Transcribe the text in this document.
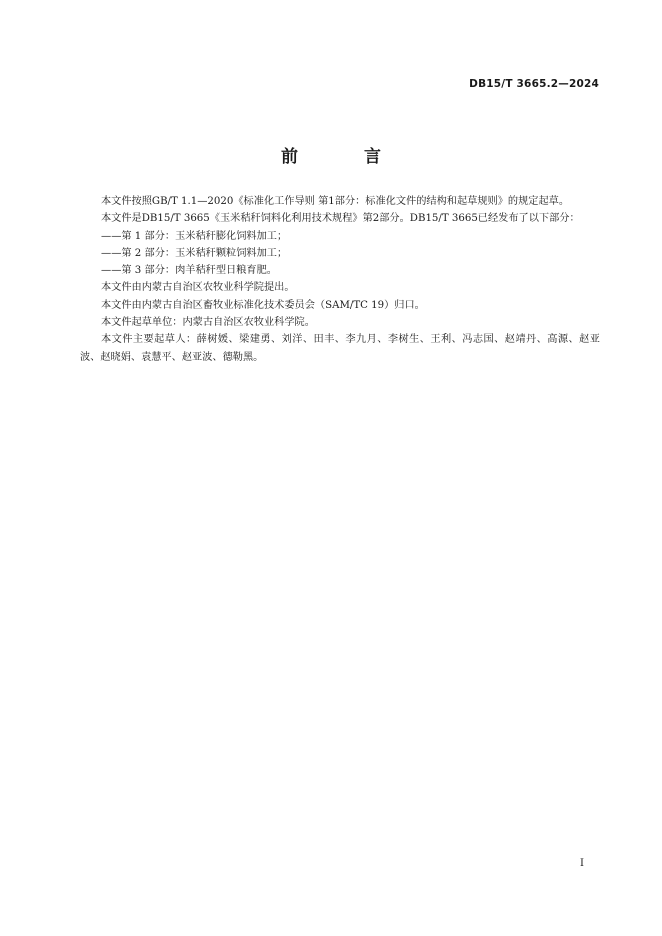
DB15/T 3665.2—2024
前 言

本文件按照GB/T 1.1—2020《标准化工作导则 第1部分：标准化文件的结构和起草规则》的规定起草。

本文件是DB15/T 3665《玉米秸秆饲料化利用技术规程》第2部分。DB15/T 3665已经发布了以下部分：

——第 1 部分：玉米秸秆膨化饲料加工；
——第 2 部分：玉米秸秆颗粒饲料加工；
——第 3 部分：肉羊秸秆型日粮育肥。

本文件由内蒙古自治区农牧业科学院提出。

本文件由内蒙古自治区畜牧业标准化技术委员会（SAM/TC 19）归口。

本文件起草单位：内蒙古自治区农牧业科学院。

本文件主要起草人：薛树媛、梁建勇、刘洋、田丰、李九月、李树生、王利、冯志国、赵靖丹、高源、赵亚波、赵晓娟、袁慧平、赵亚波、德勒黑。

I
